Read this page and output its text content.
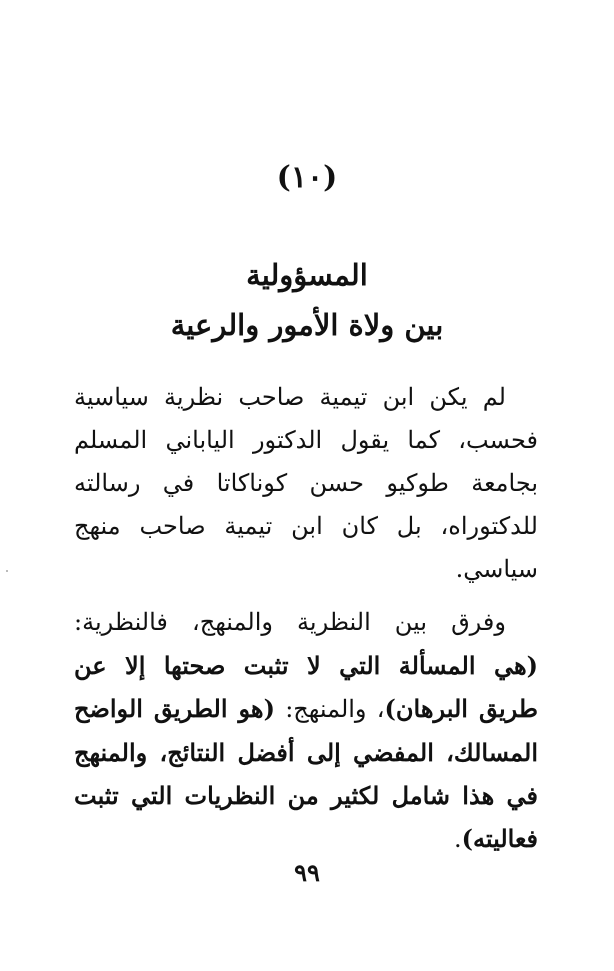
(١٠)
المسؤولية
بين ولاة الأمور والرعية
لم يكن ابن تيمية صاحب نظرية سياسية
فحسب، كما يقول الدكتور الياباني المسلم
بجامعة طوكيو حسن كوناكاتا في رسالته
للدكتوراه، بل كان ابن تيمية صاحب منهج
سياسي.
وفرق بين النظرية والمنهج، فالنظرية:
(هي المسألة التي لا تثبت صحتها إلا عن
طريق البرهان)، والمنهج: (هو الطريق الواضح
المسالك، المفضي إلى أفضل النتائج، والمنهج
في هذا شامل لكثير من النظريات التي تثبت
فعاليته).
٩٩
